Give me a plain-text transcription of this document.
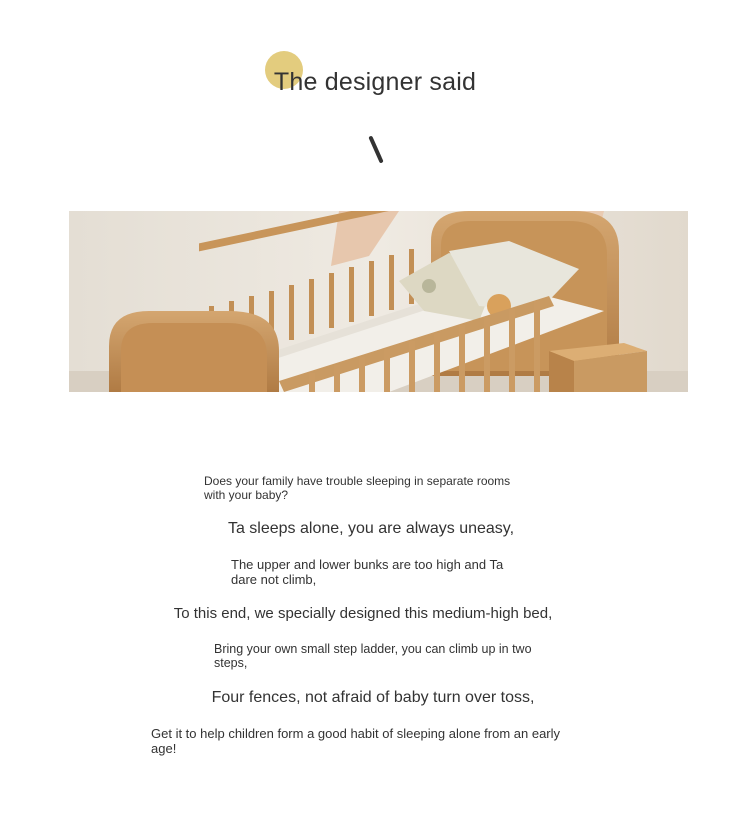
The designer said
Does your family have trouble sleeping in separate rooms with your baby?
Ta sleeps alone, you are always uneasy,
The upper and lower bunks are too high and Ta dare not climb,
To this end, we specially designed this medium-high bed,
Bring your own small step ladder, you can climb up in two steps,
Four fences, not afraid of baby turn over toss,
Get it to help children form a good habit of sleeping alone from an early age!
